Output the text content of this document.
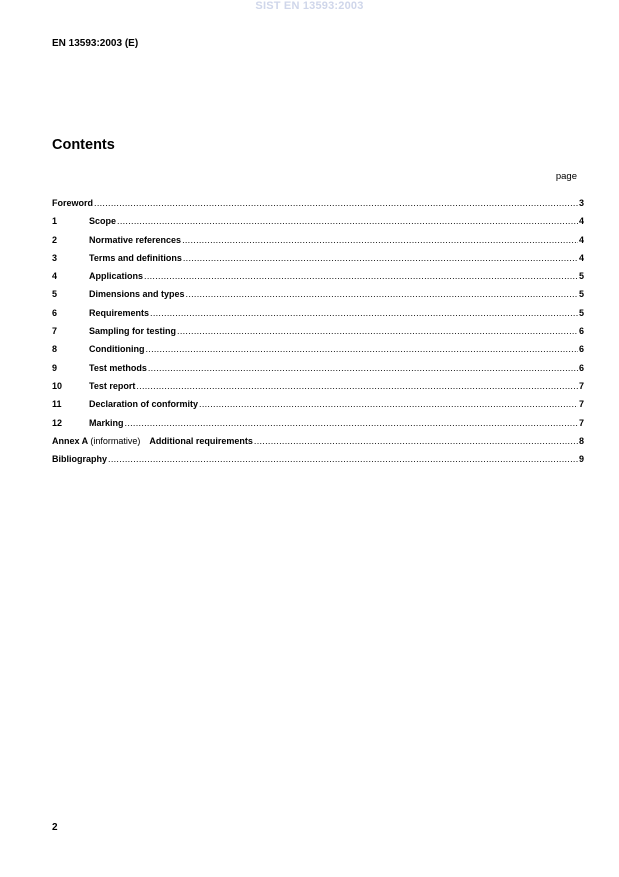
SIST EN 13593:2003
EN 13593:2003 (E)
Contents
page
Foreword .....	3
1	Scope .....	4
2	Normative references .....	4
3	Terms and definitions .....	4
4	Applications .....	5
5	Dimensions and types .....	5
6	Requirements .....	5
7	Sampling for testing .....	6
8	Conditioning .....	6
9	Test methods .....	6
10	Test report .....	7
11	Declaration of conformity .....	7
12	Marking .....	7
Annex A (informative) Additional requirements .....	8
Bibliography .....	9
2
